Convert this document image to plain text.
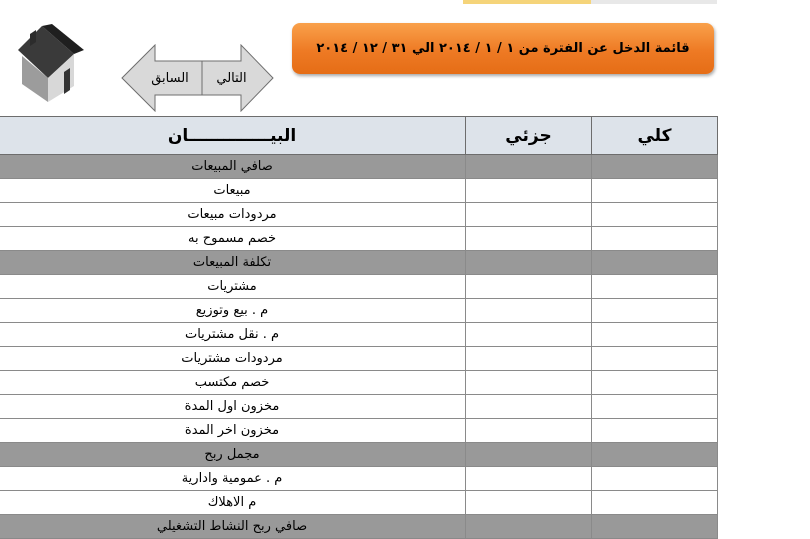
السابق	التالي
قائمة الدخل عن الفترة من ١ / ١ / ٢٠١٤ الي ٣١ / ١٢ / ٢٠١٤
البيــــــــــــــان	جزئي	كلي
صافي المبيعات		
مبيعات		
مردودات مبيعات		
خصم مسموح به		
تكلفة المبيعات		
مشتريات		
م . بيع وتوزيع		
م . نقل مشتريات		
مردودات مشتريات		
خصم مكتسب		
مخزون اول المدة		
مخزون اخر المدة		
مجمل ربح		
م . عمومية وادارية		
م الاهلاك		
صافي ربح النشاط التشغيلي		
